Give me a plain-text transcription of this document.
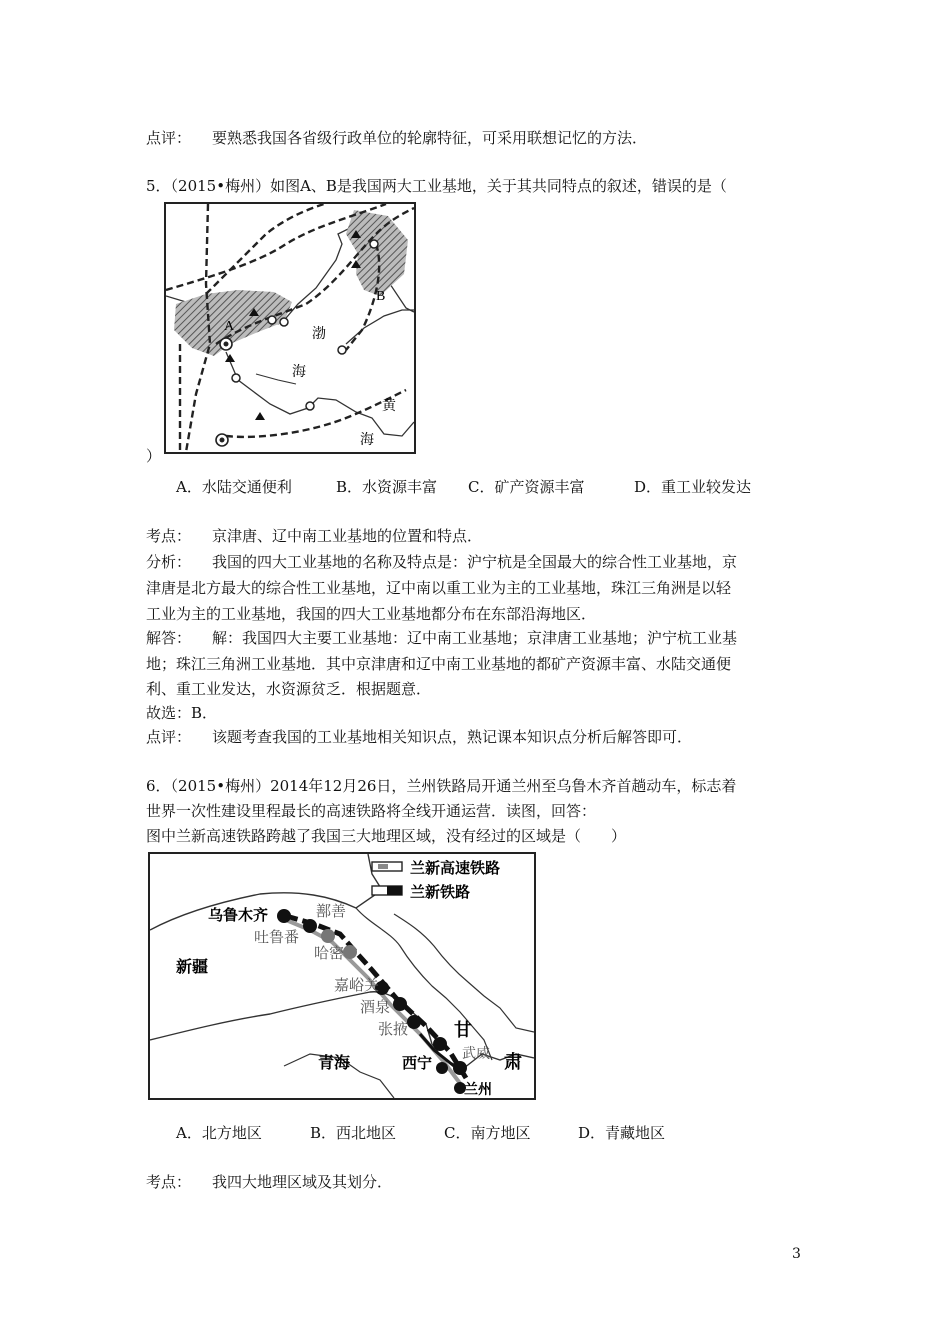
点评： 要熟悉我国各省级行政单位的轮廓特征，可采用联想记忆的方法．
5．（2015•梅州）如图A、B是我国两大工业基地，关于其共同特点的叙述，错误的是（
A
B
渤
海
黄
海
）
A．水陆交通便利	B．水资源丰富 C．矿产资源丰富	D．重工业较发达
考点： 京津唐、辽中南工业基地的位置和特点．
分析： 我国的四大工业基地的名称及特点是：沪宁杭是全国最大的综合性工业基地，京
津唐是北方最大的综合性工业基地，辽中南以重工业为主的工业基地，珠江三角洲是以轻
工业为主的工业基地，我国的四大工业基地都分布在东部沿海地区．
解答： 解：我国四大主要工业基地：辽中南工业基地；京津唐工业基地；沪宁杭工业基
地；珠江三角洲工业基地．其中京津唐和辽中南工业基地的都矿产资源丰富、水陆交通便
利、重工业发达，水资源贫乏．根据题意．
故选：B．
点评： 该题考查我国的工业基地相关知识点，熟记课本知识点分析后解答即可．
6．（2015•梅州）2014年12月26日，兰州铁路局开通兰州至乌鲁木齐首趟动车，标志着
世界一次性建设里程最长的高速铁路将全线开通运营．读图，回答：
图中兰新高速铁路跨越了我国三大地理区域，没有经过的区域是（　　）
兰新高速铁路
兰新铁路
乌鲁木齐	鄯善
吐鲁番
哈密
新疆
嘉峪关
酒泉
张掖	甘
武威 肃
青海	西宁
兰州
A．北方地区	B．西北地区	C．南方地区	D．青藏地区
考点： 我四大地理区域及其划分．
3
